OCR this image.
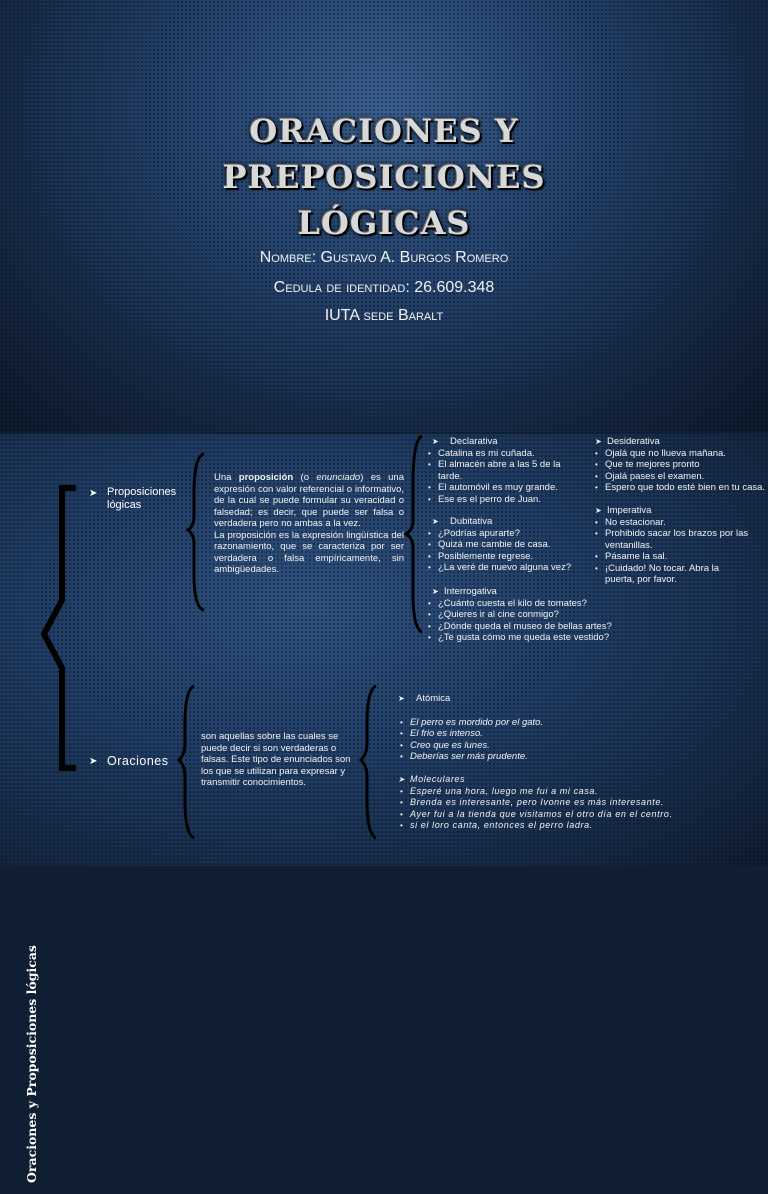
ORACIONES Y PREPOSICIONES
LÓGICAS
Nombre: Gustavo A. Burgos Romero
Cedula de identidad: 26.609.348
IUTA sede Baralt
Oraciones y Proposiciones lógicas
➤ Proposiciones
lógicas
Una proposición (o enunciado) es una expresión con valor referencial o informativo, de la cual se puede formular su veracidad o falsedad; es decir, que puede ser falsa o verdadera pero no ambas a la vez.
La proposición es la expresión lingüística del razonamiento, que se caracteriza por ser verdadera o falsa empíricamente, sin ambigüedades.
➤ Declarativa
• Catalina es mi cuñada.
• El almacén abre a las 5 de la tarde.
• El automóvil es muy grande.
• Ese es el perro de Juan.
➤ Dubitativa
• ¿Podrías apurarte?
• Quizá me cambie de casa.
• Posiblemente regrese.
• ¿La veré de nuevo alguna vez?
➤ Interrogativa
• ¿Cuánto cuesta el kilo de tomates?
• ¿Quieres ir al cine conmigo?
• ¿Dónde queda el museo de bellas artes?
• ¿Te gusta cómo me queda este vestido?
➤ Desiderativa
• Ojalá que no llueva mañana.
• Que te mejores pronto
• Ojalá pases el examen.
• Espero que todo esté bien en tu casa.
➤ Imperativa
• No estacionar.
• Prohibido sacar los brazos por las ventanillas.
• Pásame la sal.
• ¡Cuidado! No tocar. Abra la puerta, por favor.
➤ Oraciones
son aquellas sobre las cuales se puede decir si son verdaderas o falsas. Este tipo de enunciados son los que se utilizan para expresar y transmitir conocimientos.
➤ Atómica
• El perro es mordido por el gato.
• El frio es intenso.
• Creo que es lunes.
• Deberías ser más prudente.
➤ Moleculares
• Esperé una hora, luego me fui a mi casa.
• Brenda es interesante, pero Ivonne es más interesante.
• Ayer fui a la tienda que visitamos el otro día en el centro.
• si el loro canta, entonces el perro ladra.
